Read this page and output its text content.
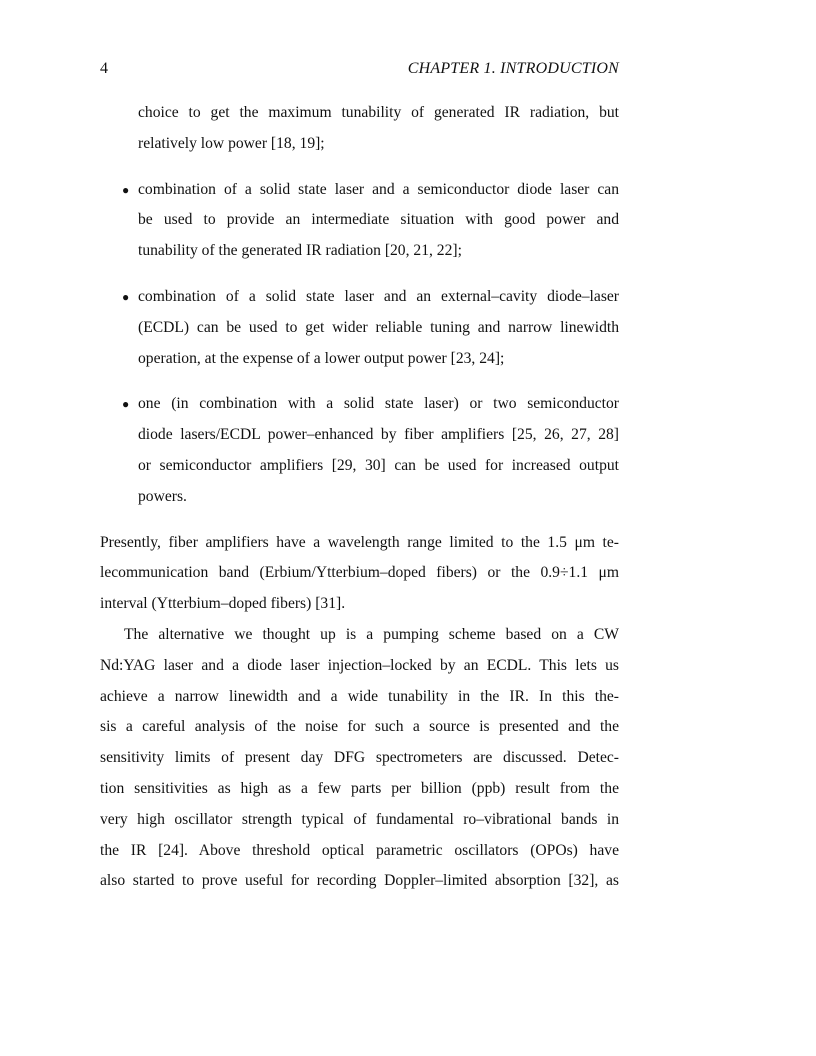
4	CHAPTER 1. INTRODUCTION
choice to get the maximum tunability of generated IR radiation, but
relatively low power [18, 19];
● combination of a solid state laser and a semiconductor diode laser can
be used to provide an intermediate situation with good power and
tunability of the generated IR radiation [20, 21, 22];
● combination of a solid state laser and an external–cavity diode–laser
(ECDL) can be used to get wider reliable tuning and narrow linewidth
operation, at the expense of a lower output power [23, 24];
● one (in combination with a solid state laser) or two semiconductor
diode lasers/ECDL power–enhanced by fiber amplifiers [25, 26, 27, 28]
or semiconductor amplifiers [29, 30] can be used for increased output
powers.
Presently, fiber amplifiers have a wavelength range limited to the 1.5 μm te-
lecommunication band (Erbium/Ytterbium–doped fibers) or the 0.9÷1.1 μm
interval (Ytterbium–doped fibers) [31].
The alternative we thought up is a pumping scheme based on a CW
Nd:YAG laser and a diode laser injection–locked by an ECDL. This lets us
achieve a narrow linewidth and a wide tunability in the IR. In this the-
sis a careful analysis of the noise for such a source is presented and the
sensitivity limits of present day DFG spectrometers are discussed. Detec-
tion sensitivities as high as a few parts per billion (ppb) result from the
very high oscillator strength typical of fundamental ro–vibrational bands in
the IR [24]. Above threshold optical parametric oscillators (OPOs) have
also started to prove useful for recording Doppler–limited absorption [32], as
